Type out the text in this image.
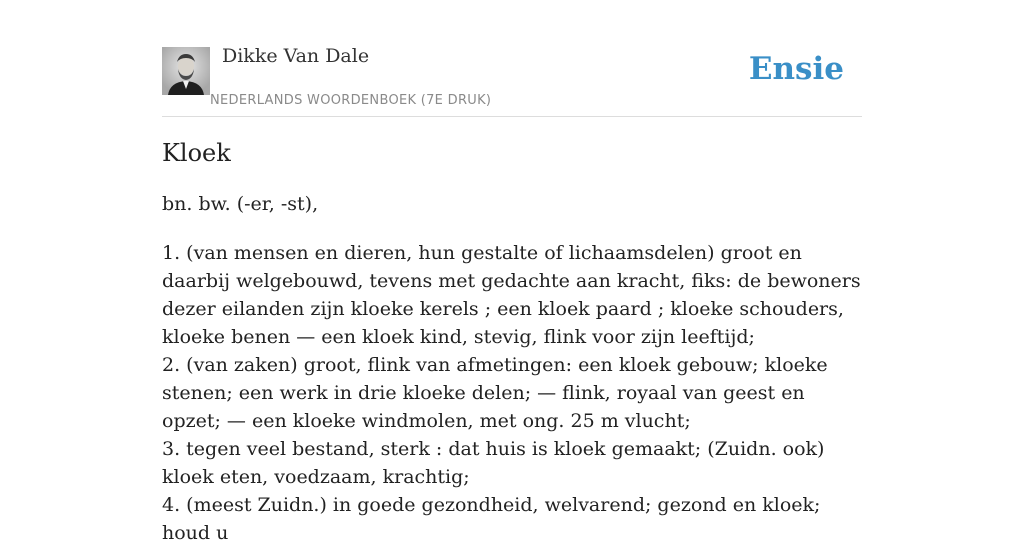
Dikke Van Dale
NEDERLANDS WOORDENBOEK (7E DRUK)
Ensie
Kloek

bn. bw. (-er, -st),

1. (van mensen en dieren, hun gestalte of lichaamsdelen) groot en daarbij welgebouwd, tevens met gedachte aan kracht, fiks: de bewoners dezer eilanden zijn kloeke kerels ; een kloek paard ; kloeke schouders, kloeke benen — een kloek kind, stevig, flink voor zijn leeftijd;
2. (van zaken) groot, flink van afmetingen: een kloek gebouw; kloeke stenen; een werk in drie kloeke delen; — flink, royaal van geest en opzet; — een kloeke windmolen, met ong. 25 m vlucht;
3. tegen veel bestand, sterk : dat huis is kloek gemaakt; (Zuidn. ook) kloek eten, voedzaam, krachtig;
4. (meest Zuidn.) in goede gezondheid, welvarend; gezond en kloek; houd u
